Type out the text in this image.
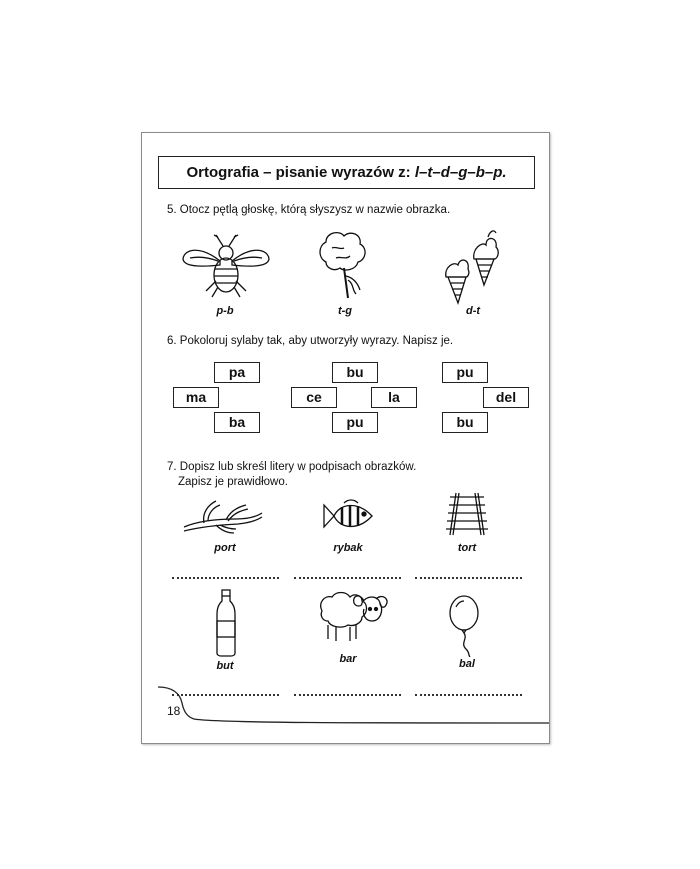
Ortografia – pisanie wyrazów z: l–t–d–g–b–p.
5. Otocz pętlą głoskę, którą słyszysz w nazwie obrazka.
p-b	t-g	d-t
6. Pokoloruj sylaby tak, aby utworzyły wyrazy. Napisz je.
pa
ma
ba
bu
ce	la
pu
pu
del
bu
7. Dopisz lub skreśl litery w podpisach obrazków.
Zapisz je prawidłowo.
port	rybak	tort
but
bar	bal
18
